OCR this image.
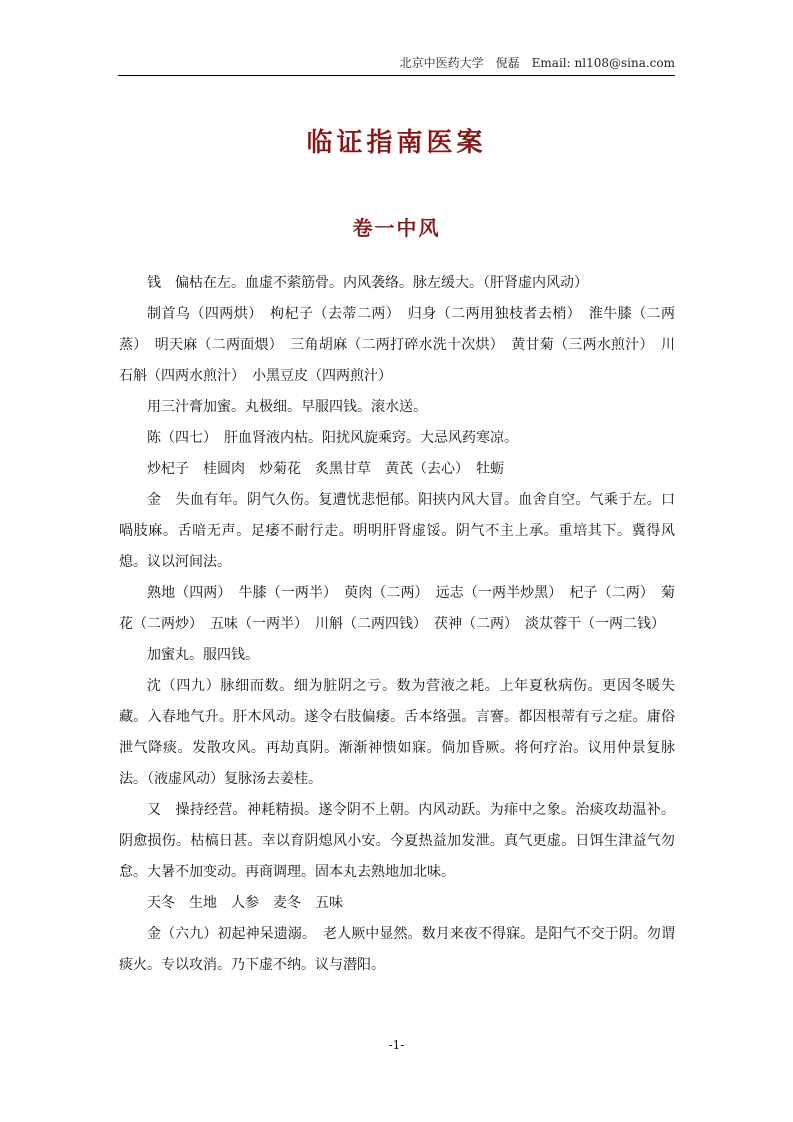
北京中医药大学　倪磊　Email: nl108@sina.com
临证指南医案
卷一中风

钱　偏枯在左。血虚不萦筋骨。内风袭络。脉左缓大。（肝肾虚内风动）

制首乌（四两烘）　枸杞子（去蒂二两）　归身（二两用独枝者去梢）　淮牛膝（二两蒸）　明天麻（二两面煨）　三角胡麻（二两打碎水洗十次烘）　黄甘菊（三两水煎汁）　川石斛（四两水煎汁）　小黑豆皮（四两煎汁）

用三汁膏加蜜。丸极细。早服四钱。滚水送。

陈（四七）　肝血肾液内枯。阳扰风旋乘窍。大忌风药寒凉。

炒杞子　桂圆肉　炒菊花　炙黑甘草　黄芪（去心）　牡蛎

金　失血有年。阴气久伤。复遭忧悲悒郁。阳挟内风大冒。血舍自空。气乘于左。口喎肢麻。舌喑无声。足痿不耐行走。明明肝肾虚馁。阴气不主上承。重培其下。冀得风熄。议以河间法。

熟地（四两）　牛膝（一两半）　萸肉（二两）　远志（一两半炒黑）　杞子（二两）　菊花（二两炒）　五味（一两半）　川斛（二两四钱）　茯神（二两）　淡苁蓉干（一两二钱）

加蜜丸。服四钱。

沈（四九）脉细而数。细为脏阴之亏。数为营液之耗。上年夏秋病伤。更因冬暖失藏。入春地气升。肝木风动。遂令右肢偏痿。舌本络强。言謇。都因根蒂有亏之症。庸俗泄气降痰。发散攻风。再劫真阴。渐渐神愦如寐。倘加昏厥。将何疗治。议用仲景复脉法。（液虚风动）复脉汤去姜桂。

又　操持经营。神耗精损。遂令阴不上朝。内风动跃。为痱中之象。治痰攻劫温补。阴愈损伤。枯槁日甚。幸以育阴熄风小安。今夏热益加发泄。真气更虚。日饵生津益气勿怠。大暑不加变动。再商调理。固本丸去熟地加北味。

天冬　生地　人参　麦冬　五味

金（六九）初起神呆遗溺。　老人厥中显然。数月来夜不得寐。是阳气不交于阴。勿谓痰火。专以攻消。乃下虚不纳。议与潜阳。

-1-
